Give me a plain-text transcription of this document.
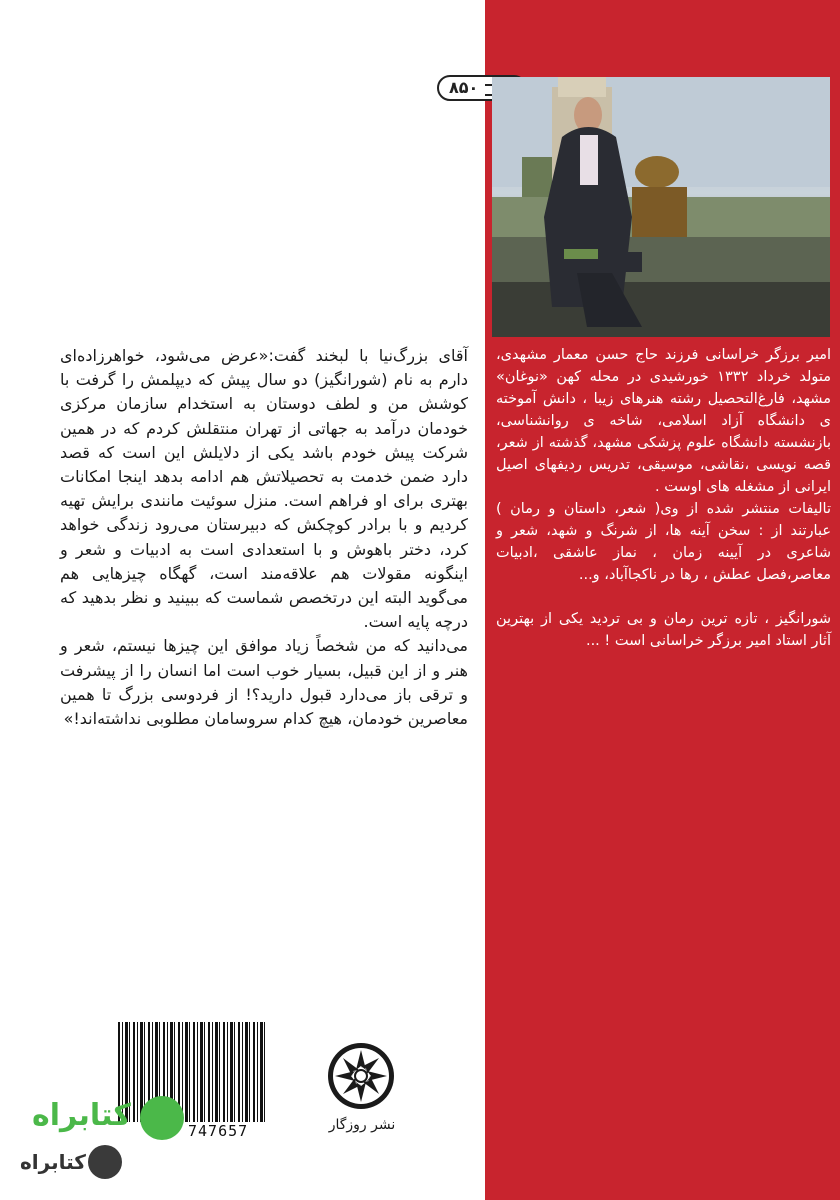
۸۵۰

امیر برزگر خراسانی فرزند حاج حسن معمار مشهدی، متولد خرداد ۱۳۳۲ خورشیدی در محله کهن «نوغان» مشهد، فارغ‌التحصیل رشته هنرهای زیبا ، دانش آموخته ی دانشگاه آزاد اسلامی، شاخه ی روانشناسی، بازنشسته دانشگاه علوم پزشکی مشهد، گذشته از شعر، قصه نویسی ،نقاشی، موسیقی، تدریس ردیفهای اصیل ایرانی از مشغله های اوست .

تالیفات منتشر شده از وی( شعر، داستان و رمان ) عبارتند از : سخن آینه ها، از شرنگ و شهد، شعر و شاعری در آیینه زمان ، نماز عاشقی ،ادبیات معاصر،فصل عطش ، رها در ناکجاآباد، و...

شورانگیز ، تازه ترین رمان و بی تردید یکی از بهترین آثار استاد امیر برزگر خراسانی است ! ...

آقای بزرگ‌نیا با لبخند گفت:«عرض می‌شود، خواهرزاده‌ای دارم به نام (شورانگیز) دو سال پیش که دیپلمش را گرفت با کوشش من و لطف دوستان به استخدام سازمان مرکزی خودمان درآمد به جهاتی از تهران منتقلش کردم که در همین شرکت پیش خودم باشد یکی از دلایلش این است که قصد دارد ضمن خدمت به تحصیلاتش هم ادامه بدهد اینجا امکانات بهتری برای او فراهم است. منزل سوئیت مانندی برایش تهیه کردیم و با برادر کوچکش که دبیرستان می‌رود زندگی خواهد کرد، دختر باهوش و با استعدادی است به ادبیات و شعر و اینگونه مقولات هم علاقه‌مند است، گهگاه چیزهایی هم می‌گوید البته این درتخصص شماست که ببینید و نظر بدهید که درچه پایه است.

می‌دانید که من شخصاً زیاد موافق این چیزها نیستم، شعر و هنر و از این قبیل، بسیار خوب است اما انسان را از پیشرفت و ترقی باز می‌دارد قبول دارید؟! از فردوسی بزرگ تا همین معاصرین خودمان، هیچ کدام سروسامان مطلوبی نداشته‌اند!»

747657	نشر روزگار
کتابراه
کتابراه
